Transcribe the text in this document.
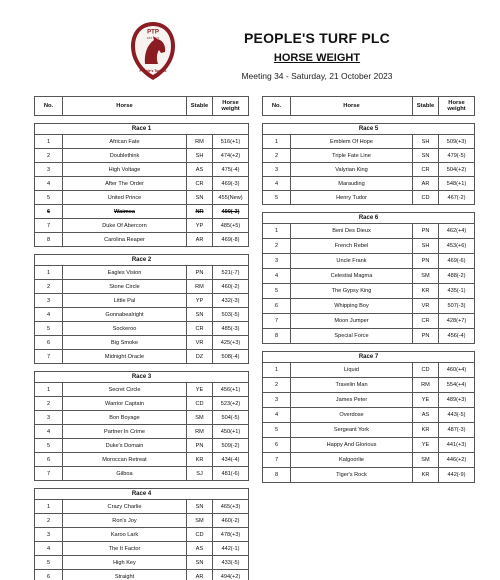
PTP
EST. 2023
People's Turf plc
PEOPLE'S TURF PLC
HORSE WEIGHT
Meeting 34 - Saturday, 21 October 2023
No.	Horse	Stable	Horse
weight

Race 1			
1	African Fate	RM	516(+1)
2	Doublethink	SH	474(+2)
3	High Voltage	AS	475(-4)
4	After The Order	CR	469(-3)
5	United Prince	SN	455(New)
6	Waimea	NR	490(-3)
7	Duke Of Abercorn	YP	485(+5)
8	Carolina Reaper	AR	469(-8)

Race 2			
1	Eagles Vision	PN	521(-7)
2	Stone Circle	RM	460(-2)
3	Little Pal	YP	432(-3)
4	Gonnabealright	SN	503(-5)
5	Sockeroo	CR	485(-3)
6	Big Smoke	VR	425(+3)
7	Midnight Oracle	DZ	508(-4)

Race 3			
1	Secret Circle	YE	456(+1)
2	Warrior Captain	CD	523(+2)
3	Bon Boyage	SM	504(-5)
4	Partner In Crime	RM	450(+1)
5	Duke's Domain	PN	509(-2)
6	Moroccan Retreat	KR	434(-4)
7	Gilboa	SJ	481(-6)

Race 4			
1	Crazy Charlie	SN	465(+3)
2	Ron's Joy	SM	460(-2)
3	Karoo Lark	CD	478(+3)
4	The It Factor	AS	442(-1)
5	High Key	SN	433(-5)
6	Straight	AR	494(+2)
No.	Horse	Stable	Horse
weight

Race 5			
1	Emblem Of Hope	SH	509(+3)
2	Triple Fate Line	SN	479(-5)
3	Valyrian King	CR	504(+2)
4	Marauding	AR	548(+1)
5	Henry Tudor	CD	467(-2)

Race 6			
1	Beni Des Dieux	PN	462(+4)
2	French Rebel	SH	453(+6)
3	Uncle Frank	PN	469(-6)
4	Celestial Magma	SM	488(-2)
5	The Gypsy King	KR	435(-1)
6	Whipping Boy	VR	507(-3)
7	Moon Jumper	CR	428(+7)
8	Special Force	PN	456(-4)

Race 7			
1	Liquid	CD	460(+4)
2	Travelin Man	RM	554(+4)
3	James Peter	YE	489(+3)
4	Overdose	AS	443(-5)
5	Sergeant York	KR	487(-3)
6	Happy And Glorious	YE	441(+3)
7	Kalgoorlie	SM	446(+2)
8	Tiger's Rock	KR	442(-9)
